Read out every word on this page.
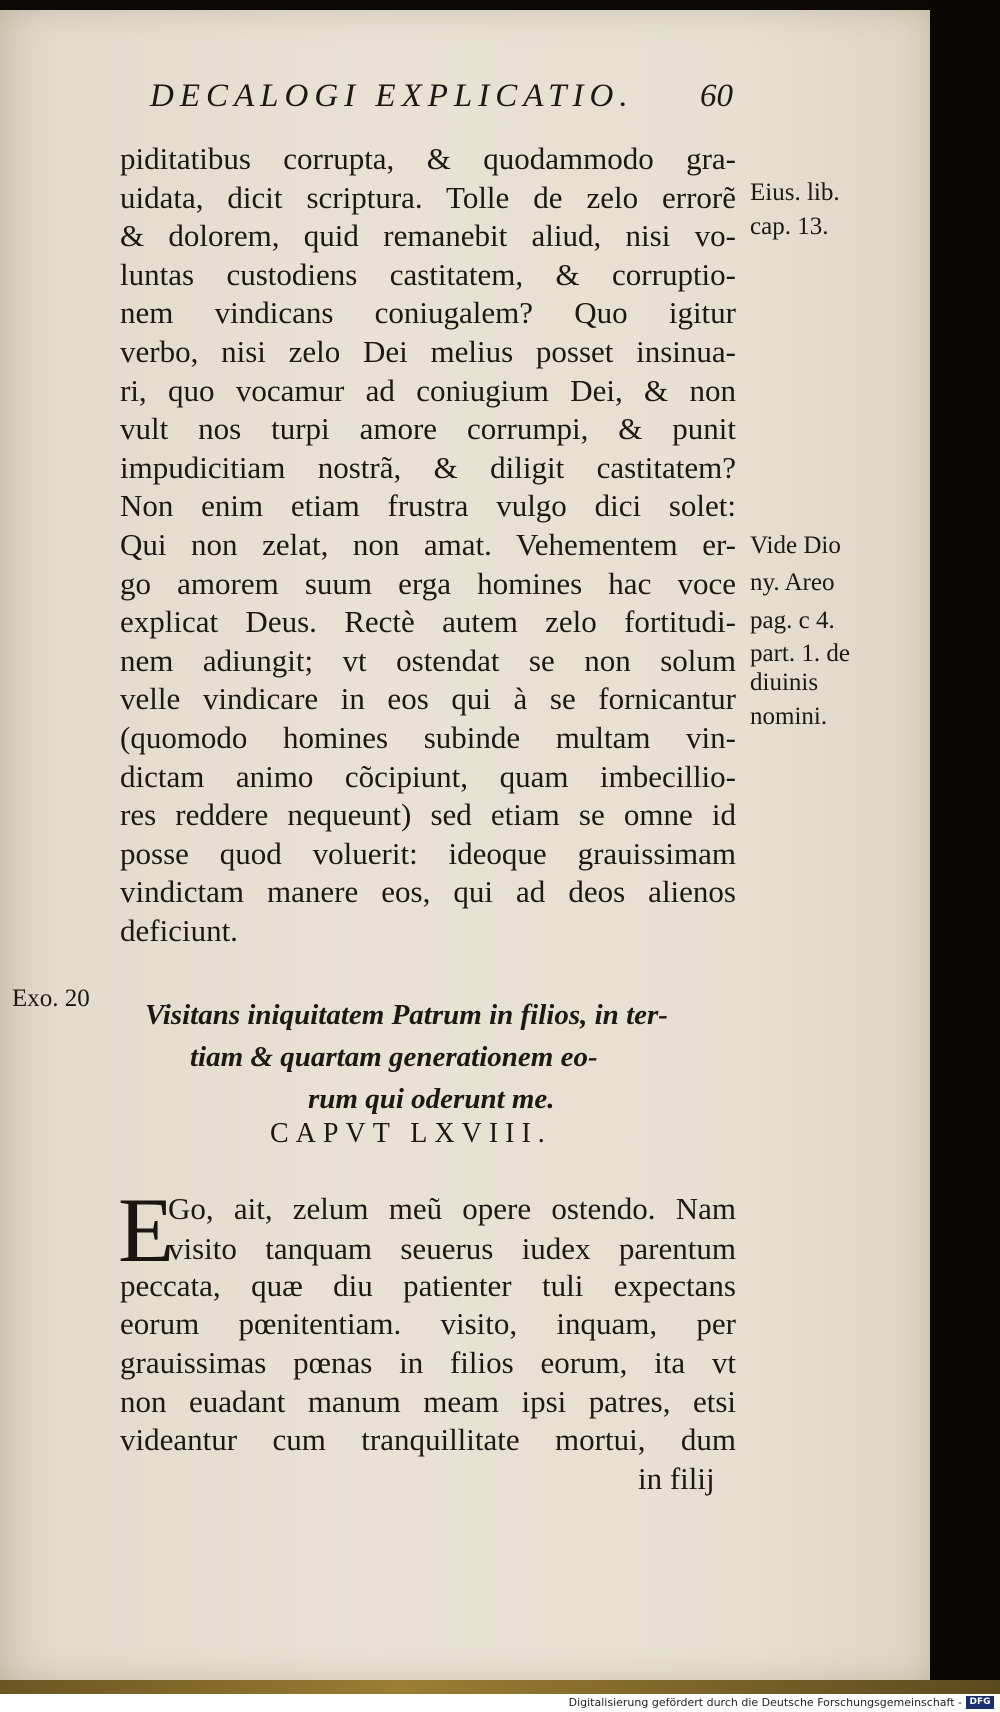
Digitalisierung gefördert durch die Deutsche Forschungsgemeinschaft - DFG
DECALOGI EXPLICATIO. 60
piditatibus corrupta, & quodammodo gra-
uidata, dicit scriptura. Tolle de zelo errorẽ
& dolorem, quid remanebit aliud, nisi vo-
luntas custodiens castitatem, & corruptio-
nem vindicans coniugalem? Quo igitur
verbo, nisi zelo Dei melius posset insinua-
ri, quo vocamur ad coniugium Dei, & non
vult nos turpi amore corrumpi, & punit
impudicitiam nostrã, & diligit castitatem?
Non enim etiam frustra vulgo dici solet:
Qui non zelat, non amat. Vehementem er-
go amorem suum erga homines hac voce
explicat Deus. Rectè autem zelo fortitudi-
nem adiungit; vt ostendat se non solum
velle vindicare in eos qui à se fornicantur
(quomodo homines subinde multam vin-
dictam animo cõcipiunt, quam imbecillio-
res reddere nequeunt) sed etiam se omne id
posse quod voluerit: ideoque grauissimam
vindictam manere eos, qui ad deos alienos
deficiunt.
Eius. lib.
cap. 13.
Vide Dio
ny. Areo
pag. c 4.
part. 1. de
diuinis
nomini.
Exo. 20
Visitans iniquitatem Patrum in filios, in ter-
tiam & quartam generationem eo-
rum qui oderunt me.
CAPVT LXVIII.
E
Go, ait, zelum meũ opere ostendo. Nam
visito tanquam seuerus iudex parentum
peccata, quæ diu patienter tuli expectans
eorum pœnitentiam. visito, inquam, per
grauissimas pœnas in filios eorum, ita vt
non euadant manum meam ipsi patres, etsi
videantur cum tranquillitate mortui, dum
in filij
